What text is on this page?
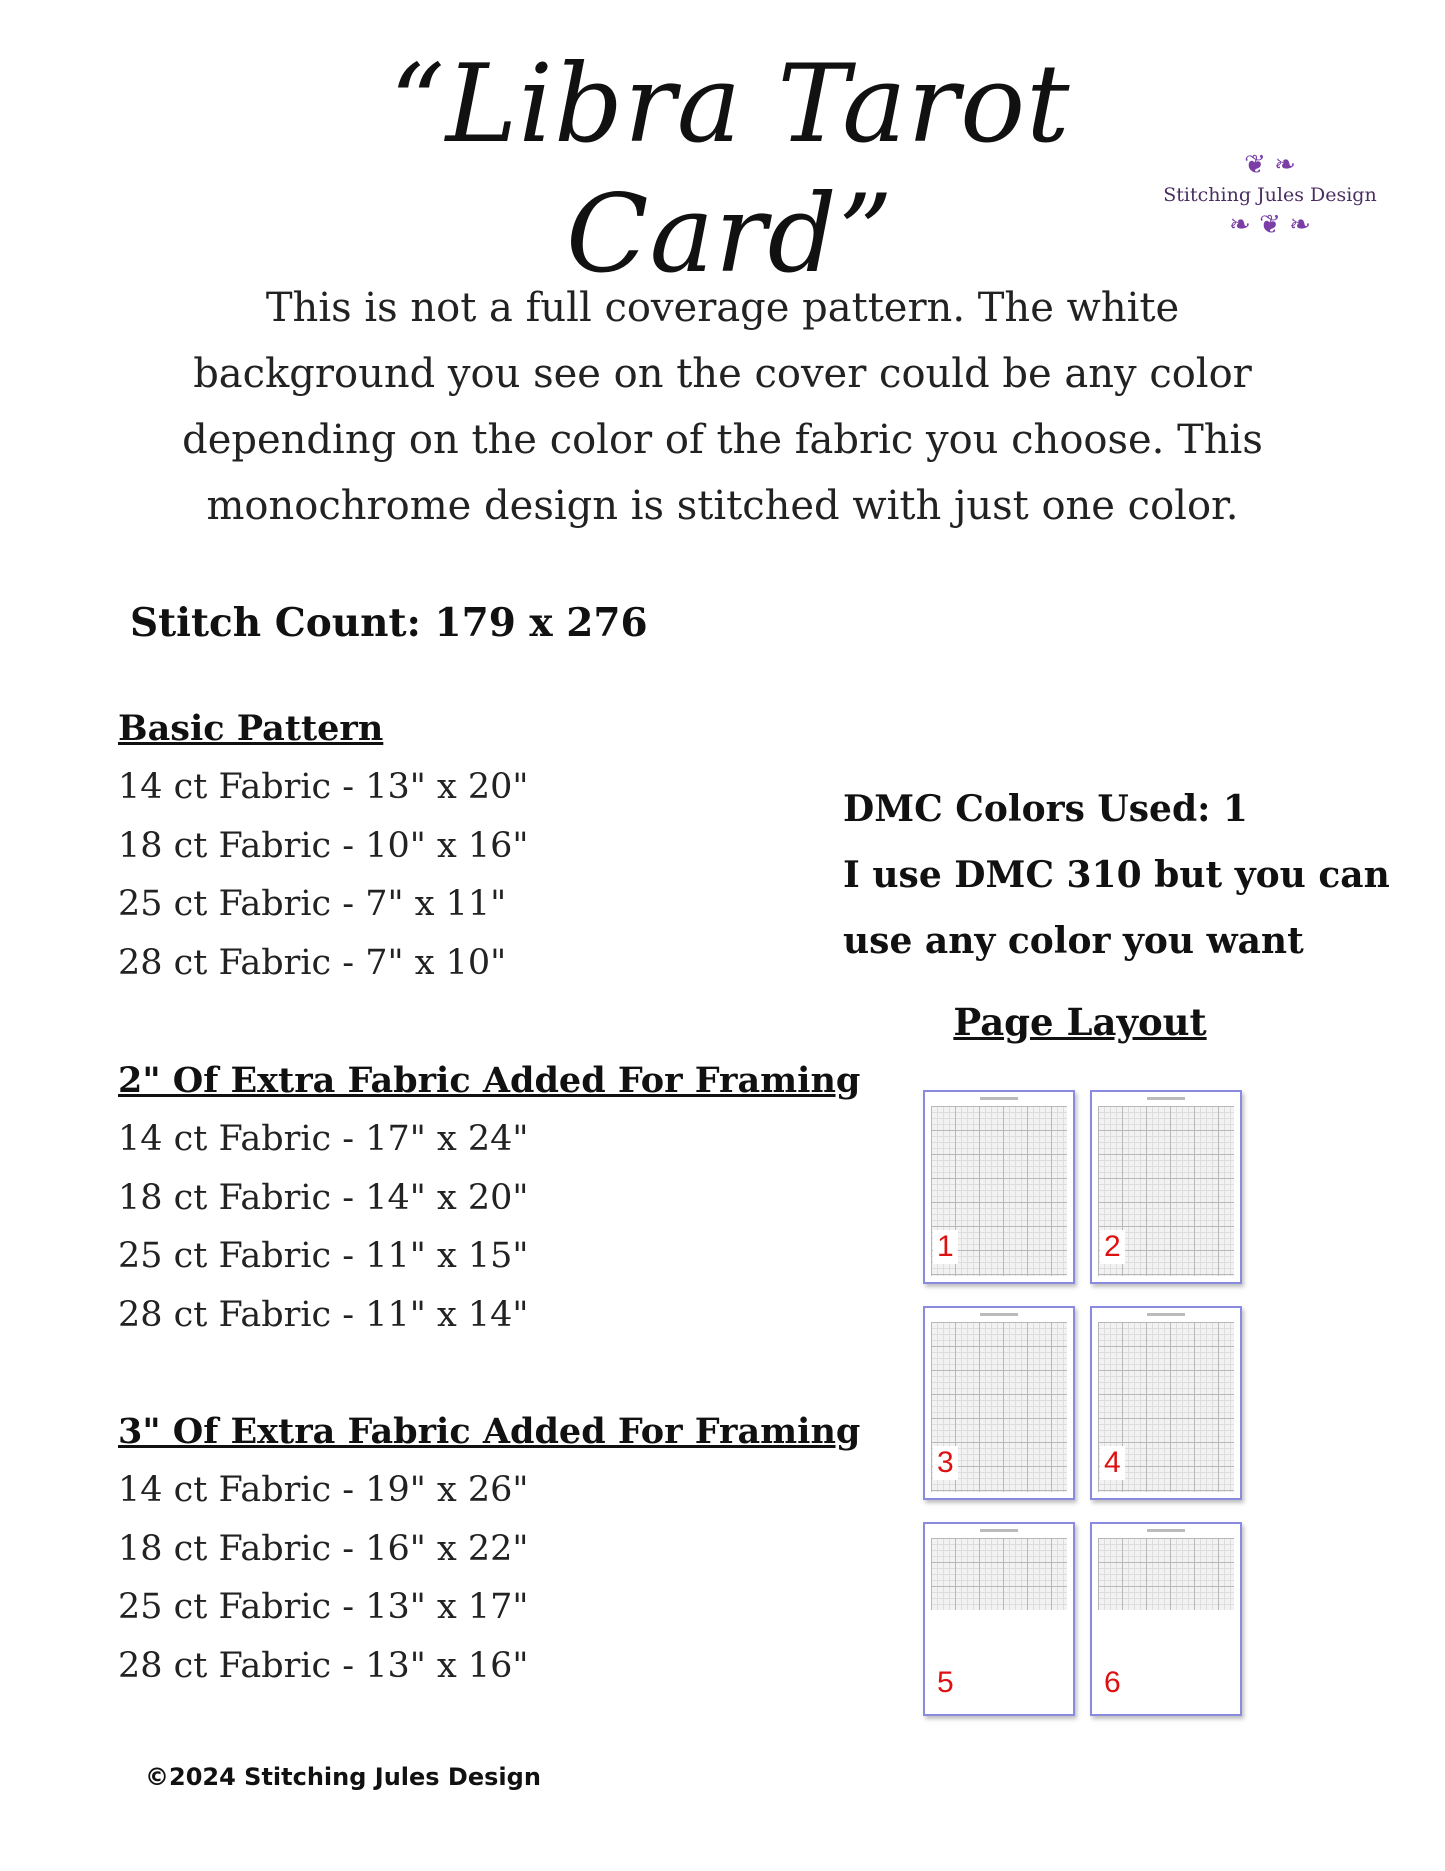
“Libra Tarot Card”
❦ ❧
Stitching Jules Design
❧ ❦ ❧
This is not a full coverage pattern. The white background you see on the cover could be any color depending on the color of the fabric you choose. This monochrome design is stitched with just one color.
Stitch Count: 179 x 276
Basic Pattern
14 ct Fabric - 13" x 20"
18 ct Fabric - 10" x 16"
25 ct Fabric - 7" x 11"
28 ct Fabric - 7" x 10"
2" Of Extra Fabric Added For Framing
14 ct Fabric - 17" x 24"
18 ct Fabric - 14" x 20"
25 ct Fabric - 11" x 15"
28 ct Fabric - 11" x 14"
3" Of Extra Fabric Added For Framing
14 ct Fabric - 19" x 26"
18 ct Fabric - 16" x 22"
25 ct Fabric - 13" x 17"
28 ct Fabric - 13" x 16"
DMC Colors Used: 1
I use DMC 310 but you can
use any color you want
Page Layout
1	2
3	4
5	6
©2024 Stitching Jules Design
